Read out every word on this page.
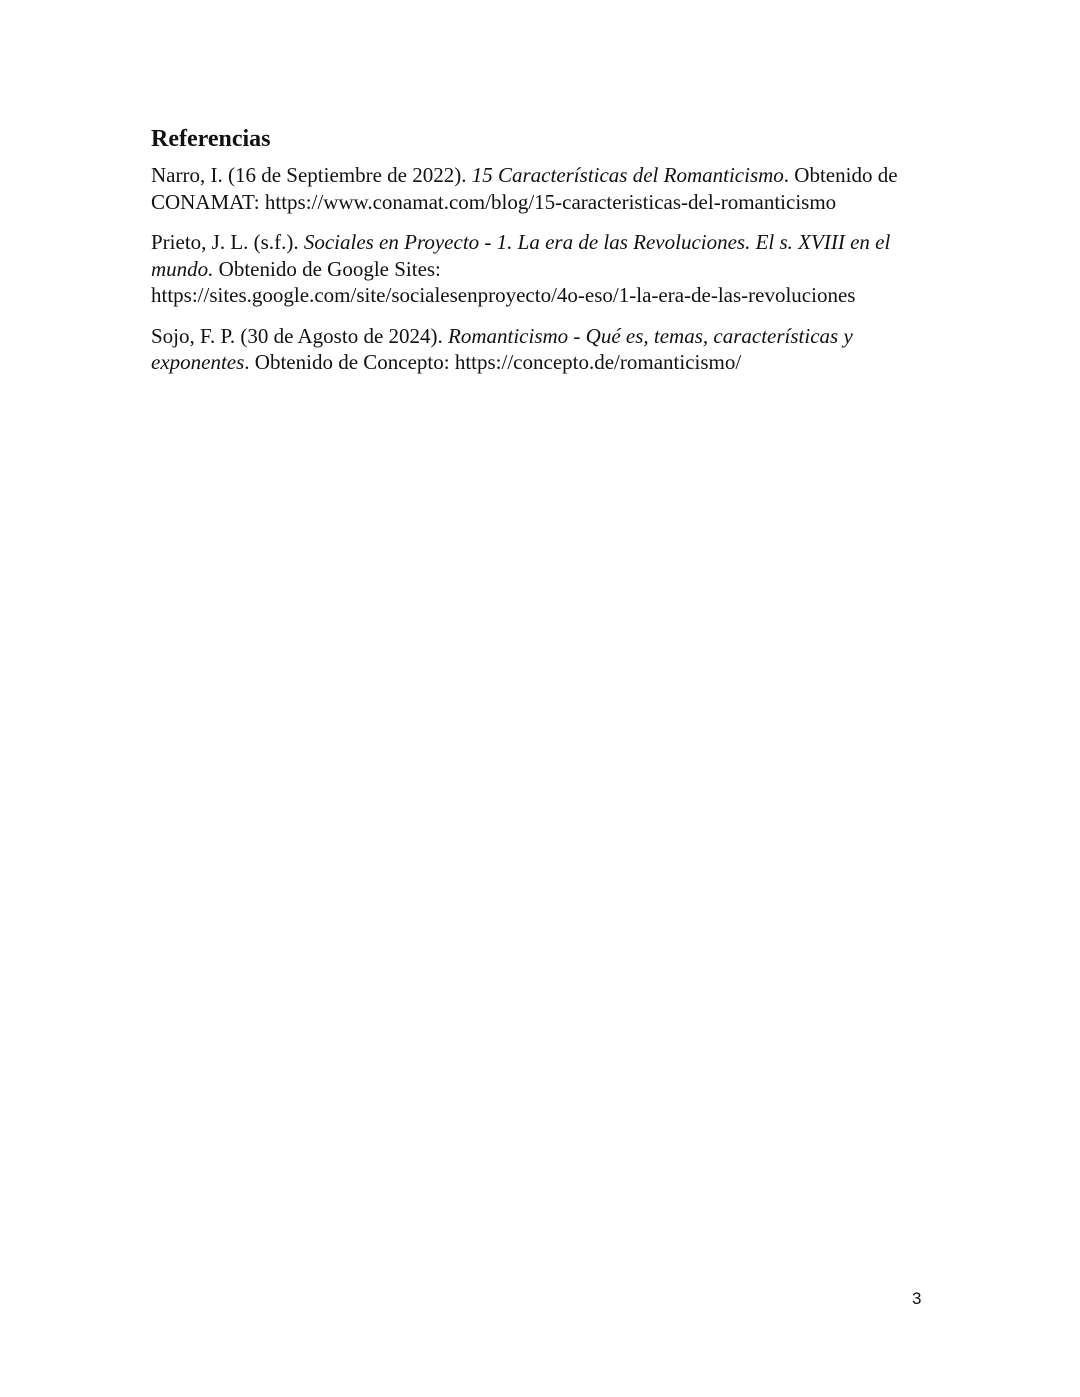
Referencias

Narro, I. (16 de Septiembre de 2022). 15 Características del Romanticismo. Obtenido de
CONAMAT: https://www.conamat.com/blog/15-caracteristicas-del-romanticismo

Prieto, J. L. (s.f.). Sociales en Proyecto - 1. La era de las Revoluciones. El s. XVIII en el
mundo. Obtenido de Google Sites:
https://sites.google.com/site/socialesenproyecto/4o-eso/1-la-era-de-las-revoluciones

Sojo, F. P. (30 de Agosto de 2024). Romanticismo - Qué es, temas, características y
exponentes. Obtenido de Concepto: https://concepto.de/romanticismo/

3
